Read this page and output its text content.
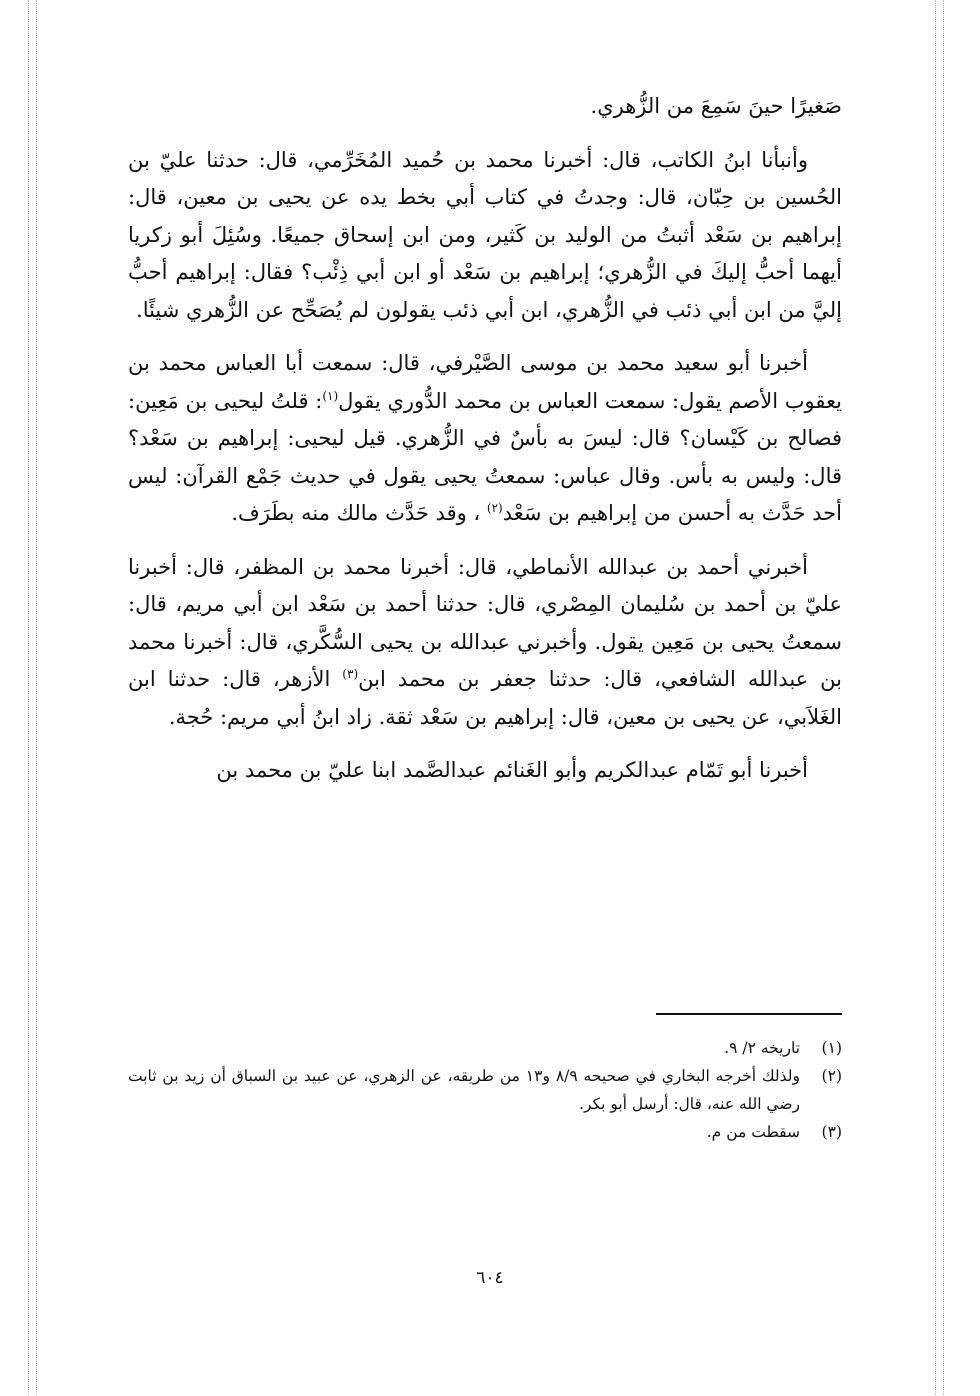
صَغيرًا حينَ سَمِعَ من الزُّهري.

وأنبأنا ابنُ الكاتب، قال: أخبرنا محمد بن حُميد المُخَرِّمي، قال: حدثنا عليّ بن الحُسين بن حِبّان، قال: وجدتُ في كتاب أبي بخط يده عن يحيى بن معين، قال: إبراهيم بن سَعْد أثبتُ من الوليد بن كَثير، ومن ابن إسحاق جميعًا. وسُئِلَ أبو زكريا أيهما أحبُّ إليكَ في الزُّهري؛ إبراهيم بن سَعْد أو ابن أبي ذِئْب؟ فقال: إبراهيم أحبُّ إليَّ من ابن أبي ذئب في الزُّهري، ابن أبي ذئب يقولون لم يُصَحِّح عن الزُّهري شيئًا.

أخبرنا أبو سعيد محمد بن موسى الصَّيْرفي، قال: سمعت أبا العباس محمد بن يعقوب الأصم يقول: سمعت العباس بن محمد الدُّوري يقول$^{(١)}$: قلتُ ليحيى بن مَعِين: فصالح بن كَيْسان؟ قال: ليسَ به بأسٌ في الزُّهري. قيل ليحيى: إبراهيم بن سَعْد؟ قال: وليس به بأس. وقال عباس: سمعتُ يحيى يقول في حديث جَمْع القرآن: ليس أحد حَدَّث به أحسن من إبراهيم بن سَعْد$^{(٢)}$ ، وقد حَدَّث مالك منه بطَرَف.

أخبرني أحمد بن عبدالله الأنماطي، قال: أخبرنا محمد بن المظفر، قال: أخبرنا عليّ بن أحمد بن سُليمان المِصْري، قال: حدثنا أحمد بن سَعْد ابن أبي مريم، قال: سمعتُ يحيى بن مَعِين يقول. وأخبرني عبدالله بن يحيى السُّكَّري، قال: أخبرنا محمد بن عبدالله الشافعي، قال: حدثنا جعفر بن محمد ابن$^{(٣)}$ الأزهر، قال: حدثنا ابن الغَلاَبي، عن يحيى بن معين، قال: إبراهيم بن سَعْد ثقة. زاد ابنُ أبي مريم: حُجة.

أخبرنا أبو تَمّام عبدالكريم وأبو الغَنائم عبدالصَّمد ابنا عليّ بن محمد بن

(١)
تاريخه ٢/ ٩.
(٢)
ولذلك أخرجه البخاري في صحيحه ٨/٩ و١٣ من طريقه، عن الزهري، عن عبيد بن السباق أن زيد بن ثابت رضي الله عنه، قال: أرسل أبو بكر.
(٣)
سقطت من م.
٦٠٤
